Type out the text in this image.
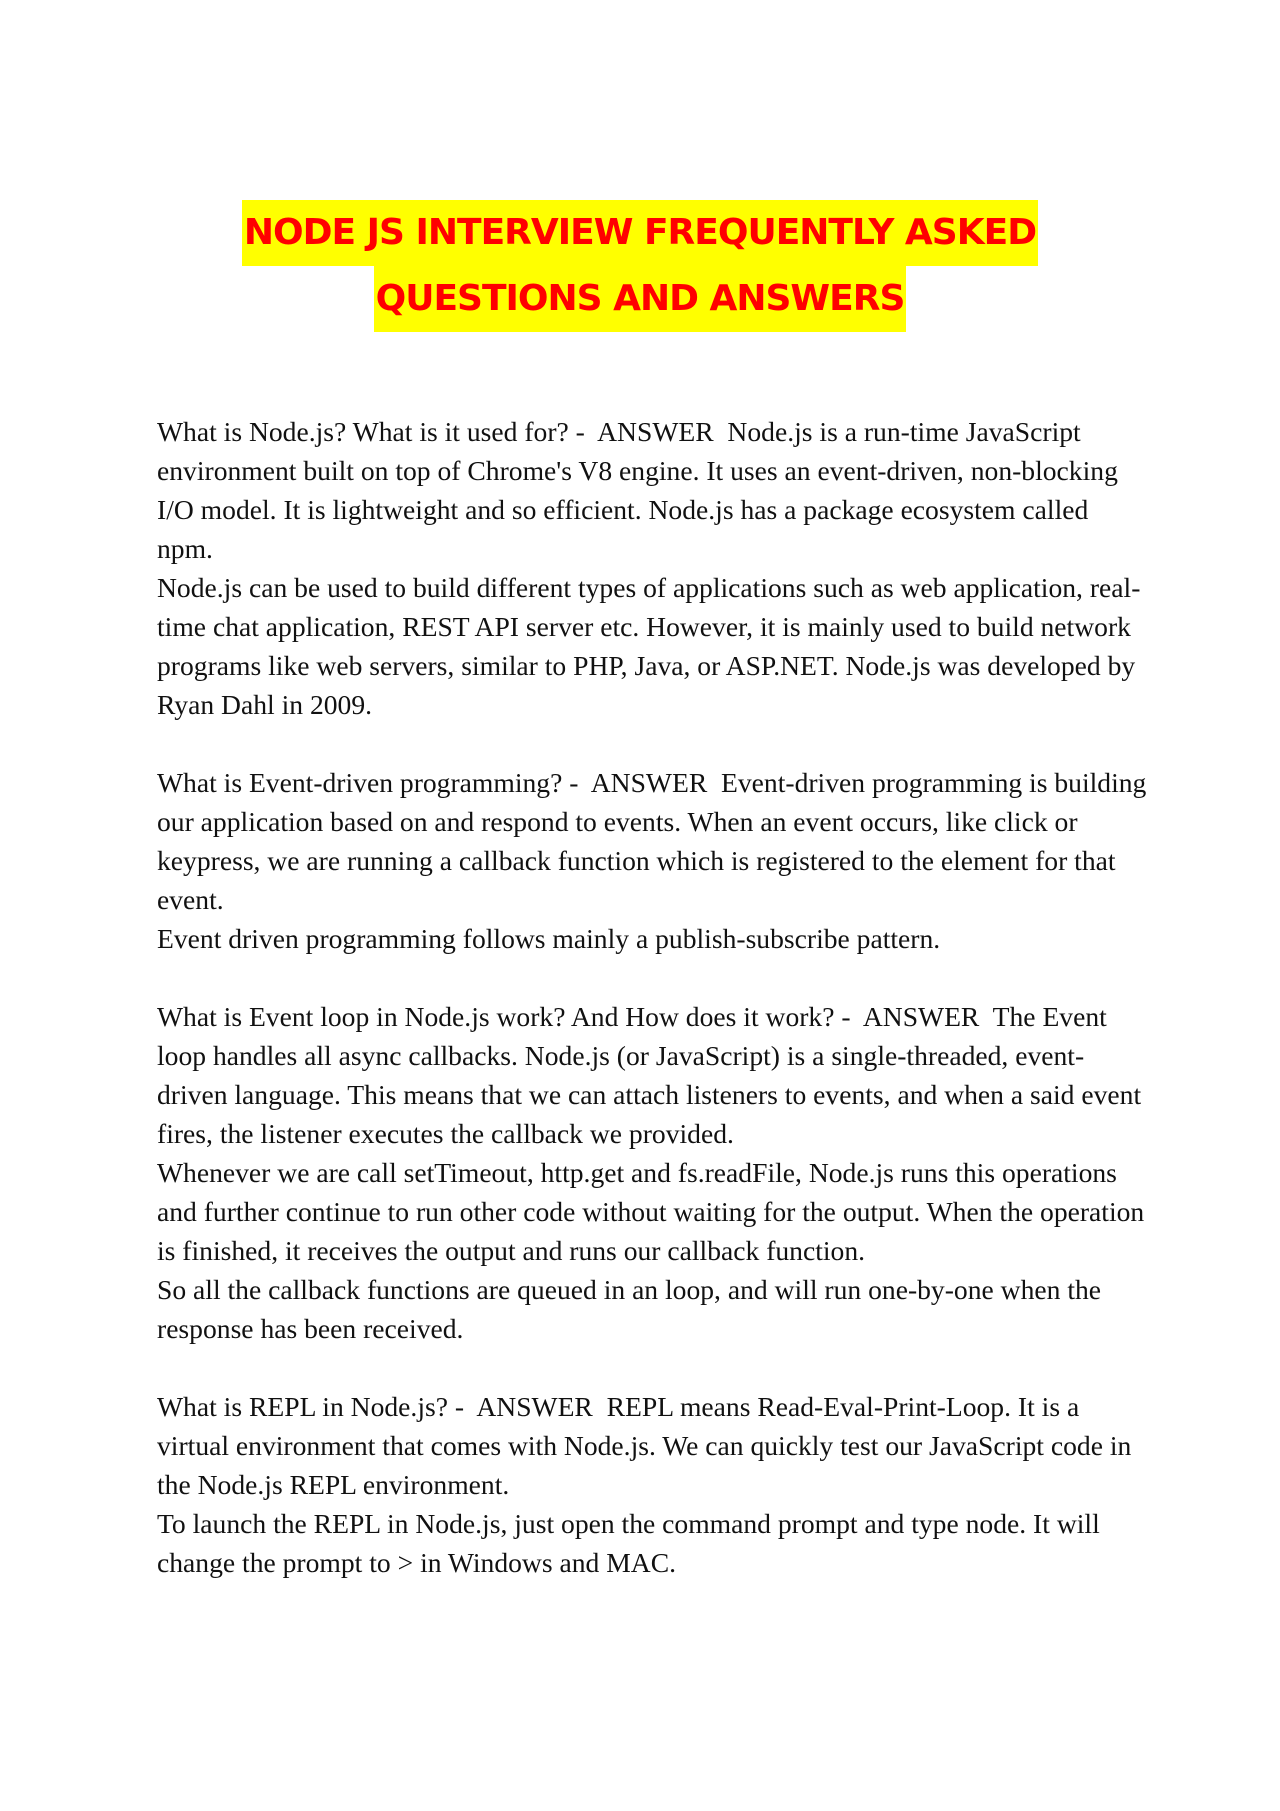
NODE JS INTERVIEW FREQUENTLY ASKED
QUESTIONS AND ANSWERS

What is Node.js? What is it used for? -  ANSWER  Node.js is a run-time JavaScript environment built on top of Chrome's V8 engine. It uses an event-driven, non-blocking I/O model. It is lightweight and so efficient. Node.js has a package ecosystem called npm.

Node.js can be used to build different types of applications such as web application, real-time chat application, REST API server etc. However, it is mainly used to build network programs like web servers, similar to PHP, Java, or ASP.NET. Node.js was developed by Ryan Dahl in 2009.

What is Event-driven programming? -  ANSWER  Event-driven programming is building our application based on and respond to events. When an event occurs, like click or keypress, we are running a callback function which is registered to the element for that event.

Event driven programming follows mainly a publish-subscribe pattern.

What is Event loop in Node.js work? And How does it work? -  ANSWER  The Event loop handles all async callbacks. Node.js (or JavaScript) is a single-threaded, event-driven language. This means that we can attach listeners to events, and when a said event fires, the listener executes the callback we provided.

Whenever we are call setTimeout, http.get and fs.readFile, Node.js runs this operations and further continue to run other code without waiting for the output. When the operation is finished, it receives the output and runs our callback function.

So all the callback functions are queued in an loop, and will run one-by-one when the response has been received.

What is REPL in Node.js? -  ANSWER  REPL means Read-Eval-Print-Loop. It is a virtual environment that comes with Node.js. We can quickly test our JavaScript code in the Node.js REPL environment.

To launch the REPL in Node.js, just open the command prompt and type node. It will change the prompt to > in Windows and MAC.
